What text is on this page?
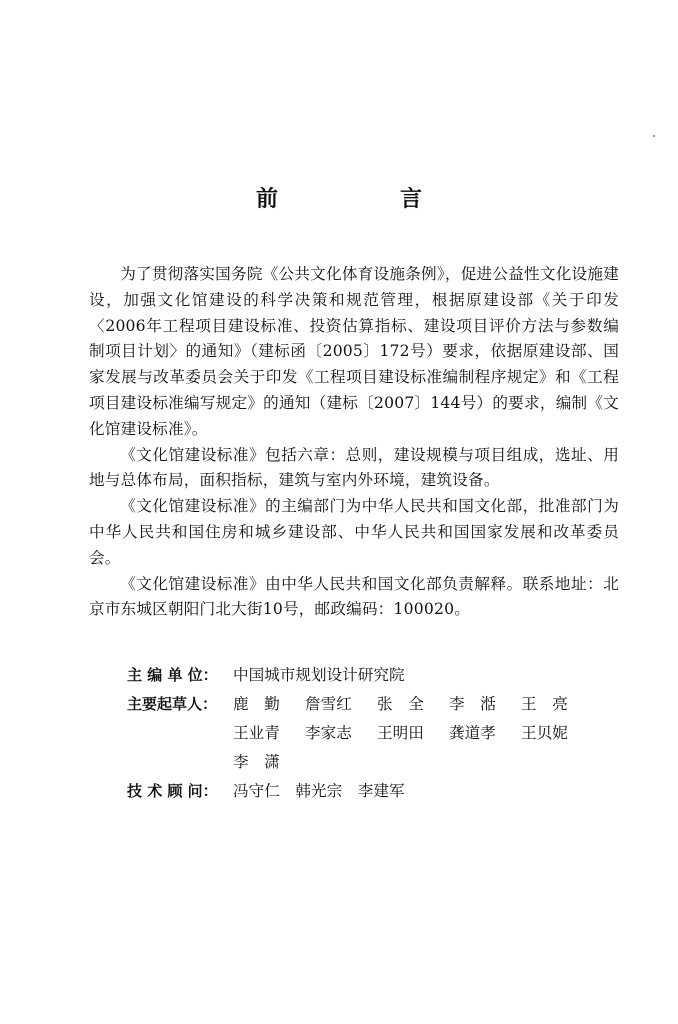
前　言

为了贯彻落实国务院《公共文化体育设施条例》，促进公益性文化设施建设，加强文化馆建设的科学决策和规范管理，根据原建设部《关于印发〈2006年工程项目建设标准、投资估算指标、建设项目评价方法与参数编制项目计划〉的通知》（建标函〔2005〕172号）要求，依据原建设部、国家发展与改革委员会关于印发《工程项目建设标准编制程序规定》和《工程项目建设标准编写规定》的通知（建标〔2007〕144号）的要求，编制《文化馆建设标准》。

《文化馆建设标准》包括六章：总则，建设规模与项目组成，选址、用地与总体布局，面积指标，建筑与室内外环境，建筑设备。

《文化馆建设标准》的主编部门为中华人民共和国文化部，批准部门为中华人民共和国住房和城乡建设部、中华人民共和国国家发展和改革委员会。

《文化馆建设标准》由中华人民共和国文化部负责解释。联系地址：北京市东城区朝阳门北大街10号，邮政编码：100020。

主 编 单 位： 中国城市规划设计研究院
主要起草人：	鹿　勤	詹雪红	张　全	李　湉	王　亮
王业青	李家志	王明田	龚道孝	王贝妮
李　潇
技 术 顾 问： 冯守仁　韩光宗　李建军
